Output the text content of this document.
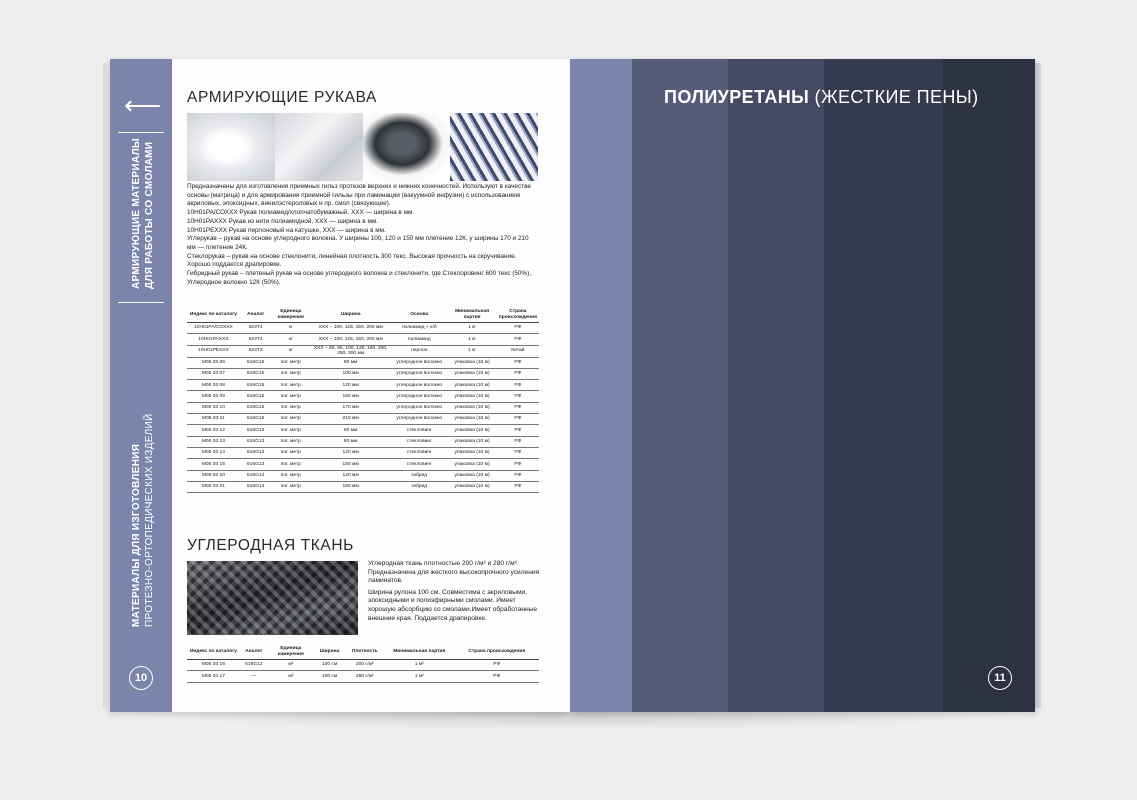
⟵
АРМИРУЮЩИЕ МАТЕРИАЛЫ ДЛЯ РАБОТЫ СО СМОЛАМИ
МАТЕРИАЛЫ ДЛЯ ИЗГОТОВЛЕНИЯ ПРОТЕЗНО-ОРТОПЕДИЧЕСКИХ ИЗДЕЛИЙ
10
АРМИРУЮЩИЕ РУКАВА

Предназначены для изготовления приемных гильз протезов верхних и нижних конечностей. Используют в качестве основы (матрица) и для армирования приемной гильзы при ламинации (вакуумной инфузии) с использованием акриловых, эпоксидных, винилэстероловых и пр. смол (связующее).

10Н01РА/СОХХХ Рукав полиамид/хлопчатобумажный, ХХХ — ширина в мм.

10Н01РАХХХ Рукав из нити полиамидной, ХХХ — ширина в мм.

10Н01РЕХХХ Рукав перлоновый на катушке, ХХХ — ширина в мм.

Углерукав – рукав на основе углеродного волокна. У ширины 100, 120 и 150 мм плетение 12К, у ширины 170 и 210 мм — плетение 24К.

Стеклорукав – рукав на основе стеклонити, линейная плотность 300 текс. Высокая прочность на скручивание. Хорошо поддается драпировке.

Гибридный рукав – плетеный рукав на основе углеродного волокна и стеклонити, где Стеклоровинг 600 текс (50%), Углеродное волокно 12К (50%).

Индекс по каталогу	Аналог	Единица измерения	Ширина	Основа	Минимальная партия	Страна происхождения
10Н01РА/СОХХХ	623Т4	кг	ХХХ – 100, 125, 150, 200 мм	полиамид + х/б	1 кг	РФ
10Н01РАХХХ	623Т4	кг	ХХХ – 100, 125, 150, 200 мм	полиамид	1 кг	РФ
10Н01РЕХХХ	623Т3	кг	ХХХ – 60, 80, 100, 120, 150, 200, 250, 300 мм	перлон	1 кг	Китай
М05 03 06	616G15	пог. метр	80 мм	углеродное волокно	упаковка (10 м)	РФ
М05 03 07	616G15	пог. метр	100 мм	углеродное волокно	упаковка (10 м)	РФ
М05 03 08	616G15	пог. метр	120 мм	углеродное волокно	упаковка (10 м)	РФ
М05 03 09	616G15	пог. метр	150 мм	углеродное волокно	упаковка (10 м)	РФ
М05 03 10	616G15	пог. метр	170 мм	углеродное волокно	упаковка (10 м)	РФ
М05 03 11	616G15	пог. метр	210 мм	углеродное волокно	упаковка (10 м)	РФ
М05 03 12	616G13	пог. метр	60 мм	стекловинг	упаковка (10 м)	РФ
М05 03 13	616G13	пог. метр	80 мм	стекловинг	упаковка (10 м)	РФ
М05 03 14	616G13	пог. метр	120 мм	стекловинг	упаковка (10 м)	РФ
М05 03 15	616G13	пог. метр	150 мм	стекловинг	упаковка (10 м)	РФ
М05 03 20	616G14	пог. метр	120 мм	гибрид	упаковка (10 м)	РФ
М05 03 21	616G14	пог. метр	150 мм	гибрид	упаковка (10 м)	РФ
УГЛЕРОДНАЯ ТКАНЬ

Углеродная ткань плотностью 200 г/м² и 280 г/м². Предназначена для жесткого высокопрочного усиления ламинатов.

Ширина рулона 100 см. Совместима с акриловыми, эпоксидными и полиэфирными смолами. Имеет хорошую абсорбцию со смолами.Имеет обработанные внешние края. Поддается драпировке.

Индекс по каталогу	Аналог	Единица измерения	Ширина	Плотность	Минимальная партия	Страна происхождения
М05 03 16	616G12	м²	100 см	200 г/м²	1 м²	РФ
М05 03 17	—	м²	100 см	280 г/м²	1 м²	РФ
ПОЛИУРЕТАНЫ (ЖЕСТКИЕ ПЕНЫ)
11
